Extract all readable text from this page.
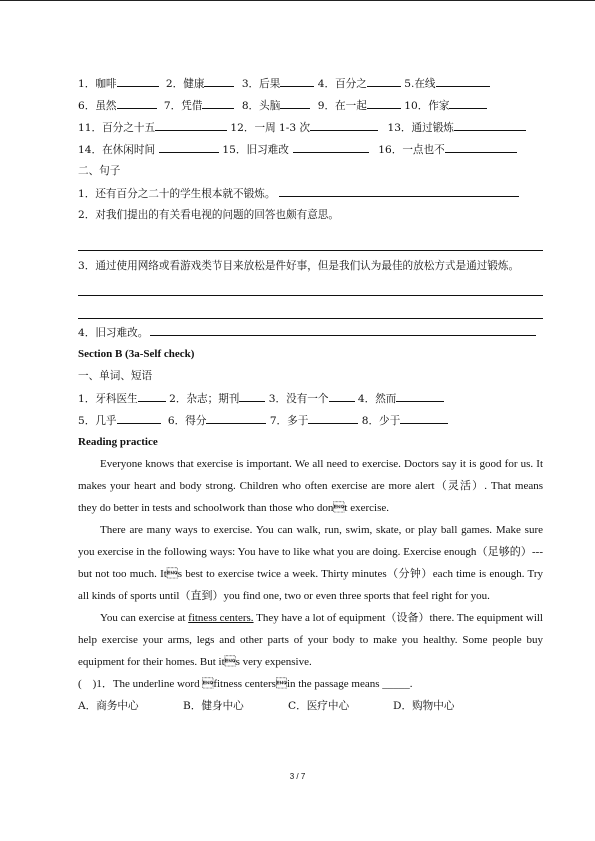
1．咖啡	2．健康	3．后果	4．百分之	5.在线
6．虽然	7．凭借	8．头脑	9．在一起	10．作家
11．百分之十五	12．一周 1-3 次	13．通过锻炼
14．在休闲时间	15．旧习难改	16．一点也不
二、句子
1．还有百分之二十的学生根本就不锻炼。
2．对我们提出的有关看电视的问题的回答也颇有意思。
3．通过使用网络或看游戏类节目来放松是件好事，但是我们认为最佳的放松方式是通过锻炼。
4．旧习难改。
Section B (3a-Self check)
一、单词、短语
1．牙科医生	2．杂志；期刊	3．没有一个	4．然而
5．几乎	6．得分	7．多于	8．少于
Reading practice
Everyone knows that exercise is important. We all need to exercise. Doctors say it is good for us. It makes your heart and body strong. Children who often exercise are more alert（灵活）. That means they do better in tests and schoolwork than those who dont exercise.
There are many ways to exercise. You can walk, run, swim, skate, or play ball games. Make sure you exercise in the following ways: You have to like what you are doing. Exercise enough（足够的）--- but not too much. Its best to exercise twice a week. Thirty minutes（分钟）each time is enough. Try all kinds of sports until（直到）you find one, two or even three sports that feel right for you.
You can exercise at fitness centers. They have a lot of equipment（设备）there. The equipment will help exercise your arms, legs and other parts of your body to make you healthy. Some people buy equipment for their homes. But its very expensive.
(　)1．The underline word fitness centersin the passage means _____.
A．商务中心	B．健身中心	C．医疗中心	D．购物中心
3 / 7
